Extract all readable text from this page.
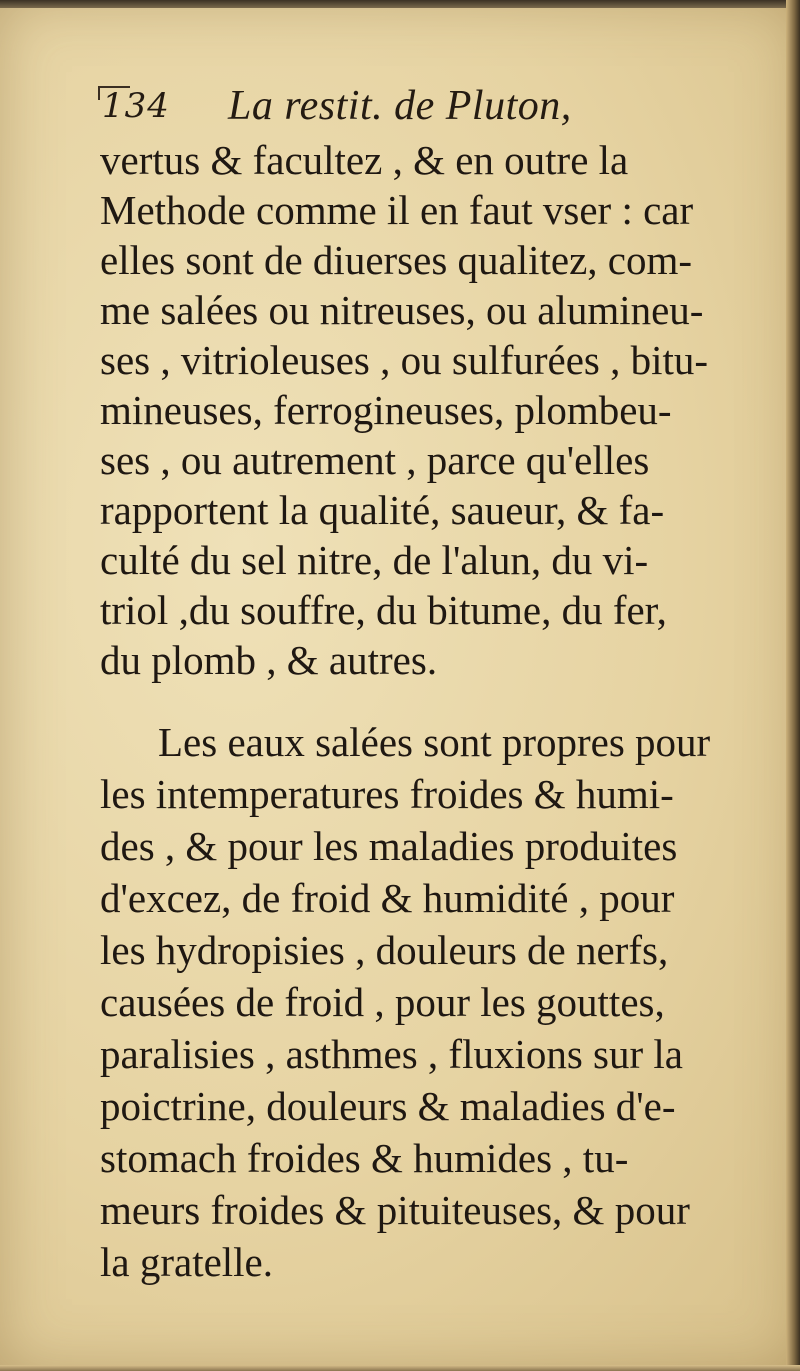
134 La restit. de Pluton,
vertus & facultez , & en outre la
Methode comme il en faut vser : car
elles sont de diuerses qualitez, com-
me salées ou nitreuses, ou alumineu-
ses , vitrioleuses , ou sulfurées , bitu-
mineuses, ferrogineuses, plombeu-
ses , ou autrement , parce qu'elles
rapportent la qualité, saueur, & fa-
culté du sel nitre, de l'alun, du vi-
triol ,du souffre, du bitume, du fer,
du plomb , & autres.
Les eaux salées sont propres pour
les intemperatures froides & humi-
des , & pour les maladies produites
d'excez, de froid & humidité , pour
les hydropisies , douleurs de nerfs,
causées de froid , pour les gouttes,
paralisies , asthmes , fluxions sur la
poictrine, douleurs & maladies d'e-
stomach froides & humides , tu-
meurs froides & pituiteuses, & pour
la gratelle.
